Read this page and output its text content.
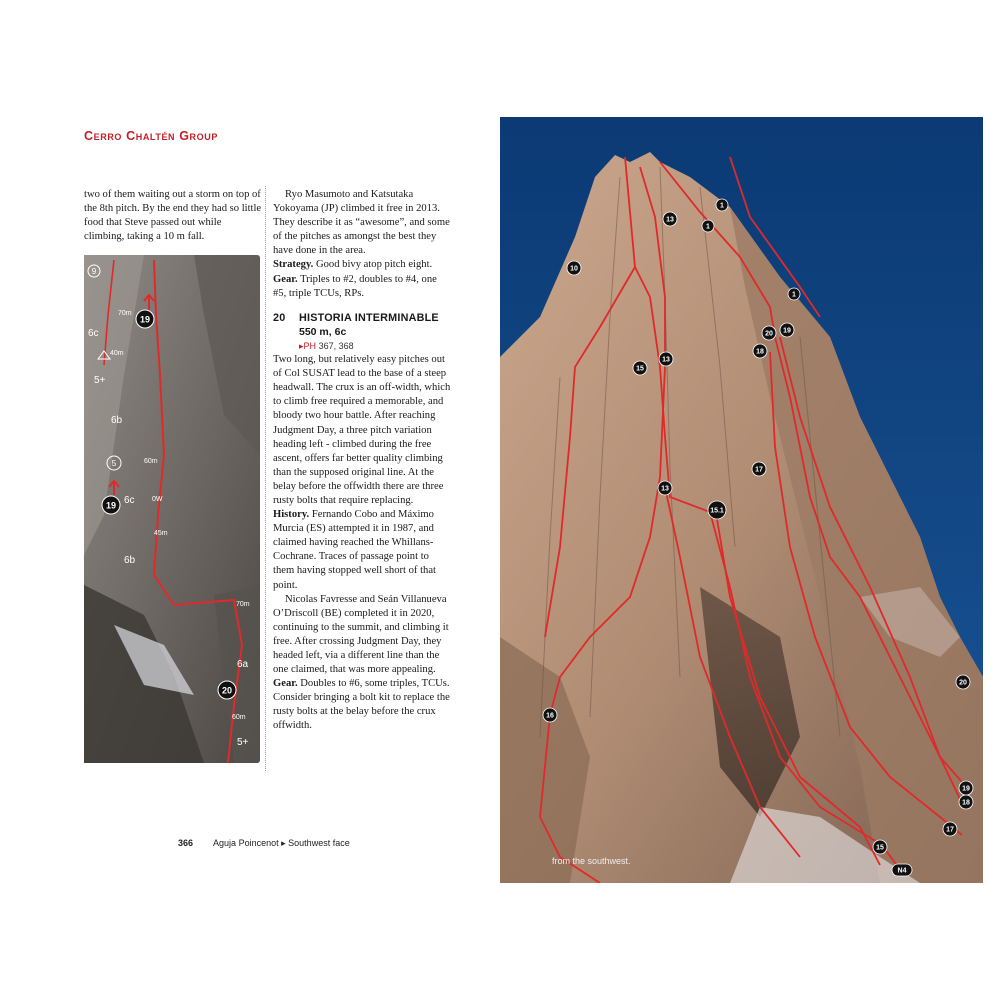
Cerro Chaltén Group

two of them waiting out a storm on top of the 8th pitch. By the end they had so little food that Steve passed out while climbing, taking a 10 m fall.

Ryo Masumoto and Katsutaka Yokoyama (JP) climbed it free in 2013. They describe it as “awesome”, and some of the pitches as amongst the best they have done in the area.

Strategy. Good bivy atop pitch eight.

Gear. Triples to #2, doubles to #4, one #5, triple TCUs, RPs.

20 HISTORIA INTERMINABLE

550 m, 6c

▸PH 367, 368

Two long, but relatively easy pitches out of Col SUSAT lead to the base of a steep headwall. The crux is an off-width, which to climb free required a memorable, and bloody two hour battle. After reaching Judgment Day, a three pitch variation heading left - climbed during the free ascent, offers far better quality climbing than the supposed original line. At the belay before the offwidth there are three rusty bolts that require replacing.

History. Fernando Cobo and Máximo Murcia (ES) attempted it in 1987, and claimed having reached the Whillans-Cochrane. Traces of passage point to them having stopped well short of that point.

Nicolas Favresse and Seán Villanueva O’Driscoll (BE) completed it in 2020, continuing to the summit, and climbing it free. After crossing Judgment Day, they headed left, via a different line than the one claimed, that was more appealing.

Gear. Doubles to #6, some triples, TCUs. Consider bringing a bolt kit to replace the rusty bolts at the belay before the crux offwidth.

9
19
5
19
20
6c
5+
6b
6c
6b
6a
5+
70m
40m
60m
0W
45m
70m
60m
1
1
1
10
13
13
13
15
15.1
16
17
17
18
18
19
19
20
20
15
N4
from the southwest.
366 Aguja Poincenot ▸ Southwest face
